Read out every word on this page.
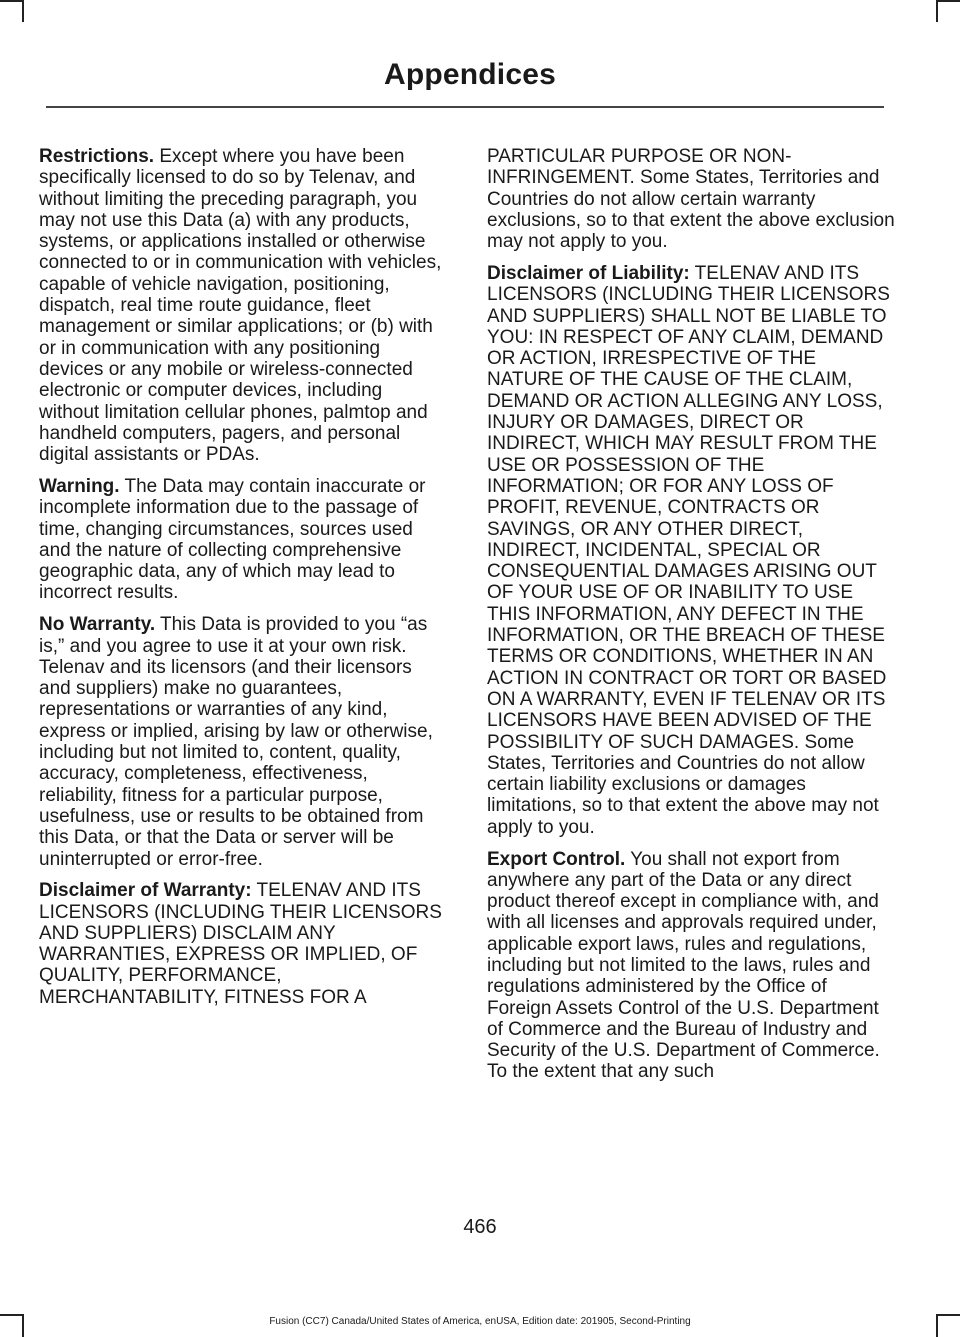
Appendices

Restrictions. Except where you have been specifically licensed to do so by Telenav, and without limiting the preceding paragraph, you may not use this Data (a) with any products, systems, or applications installed or otherwise connected to or in communication with vehicles, capable of vehicle navigation, positioning, dispatch, real time route guidance, fleet management or similar applications; or (b) with or in communication with any positioning devices or any mobile or wireless-connected electronic or computer devices, including without limitation cellular phones, palmtop and handheld computers, pagers, and personal digital assistants or PDAs.

Warning. The Data may contain inaccurate or incomplete information due to the passage of time, changing circumstances, sources used and the nature of collecting comprehensive geographic data, any of which may lead to incorrect results.

No Warranty. This Data is provided to you “as is,” and you agree to use it at your own risk. Telenav and its licensors (and their licensors and suppliers) make no guarantees, representations or warranties of any kind, express or implied, arising by law or otherwise, including but not limited to, content, quality, accuracy, completeness, effectiveness, reliability, fitness for a particular purpose, usefulness, use or results to be obtained from this Data, or that the Data or server will be uninterrupted or error-free.

Disclaimer of Warranty: TELENAV AND ITS LICENSORS (INCLUDING THEIR LICENSORS AND SUPPLIERS) DISCLAIM ANY WARRANTIES, EXPRESS OR IMPLIED, OF QUALITY, PERFORMANCE, MERCHANTABILITY, FITNESS FOR A

PARTICULAR PURPOSE OR NON-INFRINGEMENT. Some States, Territories and Countries do not allow certain warranty exclusions, so to that extent the above exclusion may not apply to you.

Disclaimer of Liability: TELENAV AND ITS LICENSORS (INCLUDING THEIR LICENSORS AND SUPPLIERS) SHALL NOT BE LIABLE TO YOU: IN RESPECT OF ANY CLAIM, DEMAND OR ACTION, IRRESPECTIVE OF THE NATURE OF THE CAUSE OF THE CLAIM, DEMAND OR ACTION ALLEGING ANY LOSS, INJURY OR DAMAGES, DIRECT OR INDIRECT, WHICH MAY RESULT FROM THE USE OR POSSESSION OF THE INFORMATION; OR FOR ANY LOSS OF PROFIT, REVENUE, CONTRACTS OR SAVINGS, OR ANY OTHER DIRECT, INDIRECT, INCIDENTAL, SPECIAL OR CONSEQUENTIAL DAMAGES ARISING OUT OF YOUR USE OF OR INABILITY TO USE THIS INFORMATION, ANY DEFECT IN THE INFORMATION, OR THE BREACH OF THESE TERMS OR CONDITIONS, WHETHER IN AN ACTION IN CONTRACT OR TORT OR BASED ON A WARRANTY, EVEN IF TELENAV OR ITS LICENSORS HAVE BEEN ADVISED OF THE POSSIBILITY OF SUCH DAMAGES. Some States, Territories and Countries do not allow certain liability exclusions or damages limitations, so to that extent the above may not apply to you.

Export Control. You shall not export from anywhere any part of the Data or any direct product thereof except in compliance with, and with all licenses and approvals required under, applicable export laws, rules and regulations, including but not limited to the laws, rules and regulations administered by the Office of Foreign Assets Control of the U.S. Department of Commerce and the Bureau of Industry and Security of the U.S. Department of Commerce. To the extent that any such

466
Fusion (CC7) Canada/United States of America, enUSA, Edition date: 201905, Second-Printing
